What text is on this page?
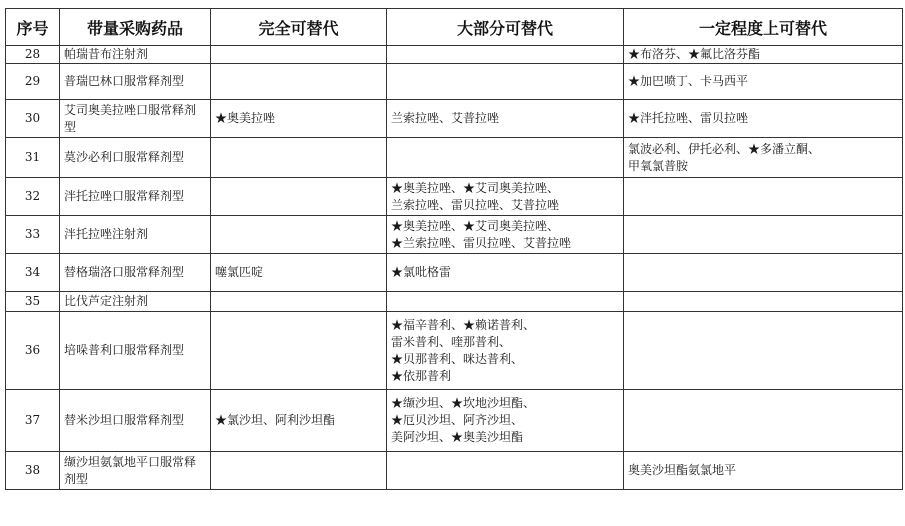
序号	带量采购药品	完全可替代	大部分可替代	一定程度上可替代
28	帕瑞昔布注射剂			★布洛芬、★氟比洛芬酯

29	普瑞巴林口服常释剂型			★加巴喷丁、卡马西平

30	艾司奥美拉唑口服常释剂型	★奥美拉唑	兰索拉唑、艾普拉唑	★泮托拉唑、雷贝拉唑

31	莫沙必利口服常释剂型			氯波必利、伊托必利、★多潘立酮、
甲氧氯普胺

32	泮托拉唑口服常释剂型		★奥美拉唑、★艾司奥美拉唑、
兰索拉唑、雷贝拉唑、艾普拉唑	

33	泮托拉唑注射剂		★奥美拉唑、★艾司奥美拉唑、
★兰索拉唑、雷贝拉唑、艾普拉唑	

34	替格瑞洛口服常释剂型	噻氯匹啶	★氯吡格雷	

35	比伐芦定注射剂			
36	培哚普利口服常释剂型		★福辛普利、★赖诺普利、
雷米普利、喹那普利、
★贝那普利、咪达普利、
★依那普利	

37	替米沙坦口服常释剂型	★氯沙坦、阿利沙坦酯	★缬沙坦、★坎地沙坦酯、
★厄贝沙坦、阿齐沙坦、
美阿沙坦、★奥美沙坦酯	

38	缬沙坦氨氯地平口服常释剂型			奥美沙坦酯氨氯地平
